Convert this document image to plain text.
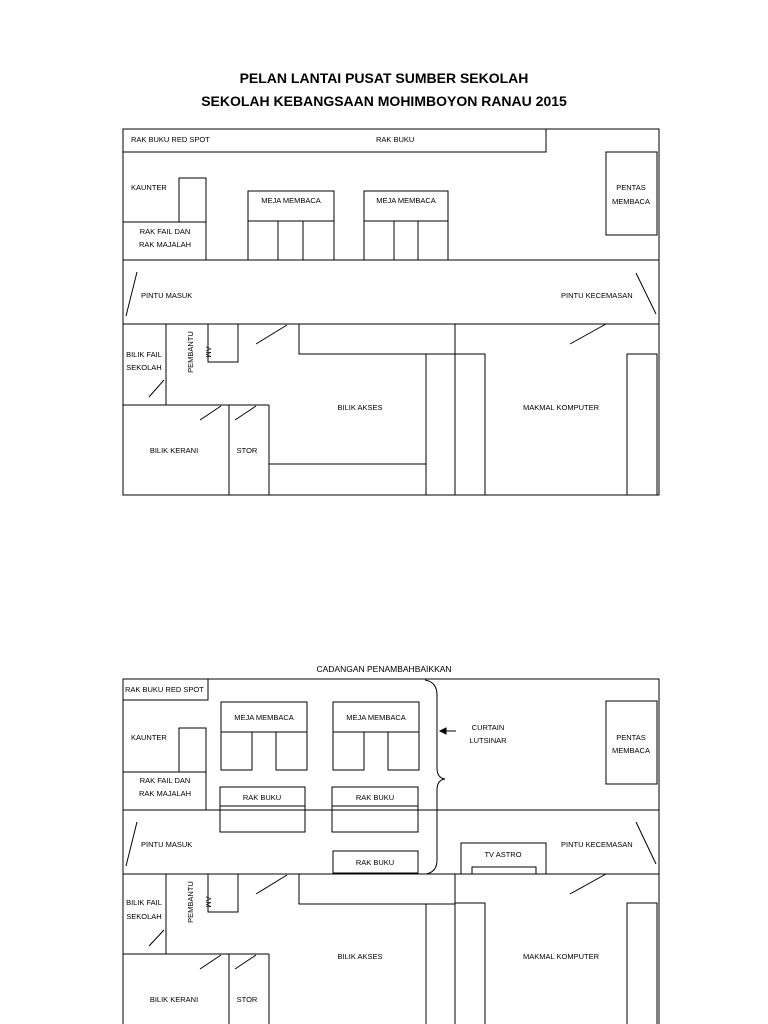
PELAN LANTAI PUSAT SUMBER SEKOLAH
SEKOLAH KEBANGSAAN MOHIMBOYON RANAU 2015
RAK BUKU RED SPOT	RAK BUKU
KAUNTER
RAK FAIL DAN
RAK MAJALAH
MEJA MEMBACA	MEJA MEMBACA
PENTAS
MEMBACA
PINTU MASUK	PINTU KECEMASAN
BILIK FAIL
SEKOLAH	PEMBANTU AM
BILIK KERANI	STOR
BILIK AKSES	MAKMAL KOMPUTER
CADANGAN PENAMBAHBAIKKAN
RAK BUKU RED SPOT
KAUNTER
RAK FAIL DAN
RAK MAJALAH
MEJA MEMBACA	MEJA MEMBACA
RAK BUKU	RAK BUKU
RAK BUKU
CURTAIN
LUTSINAR	PENTAS
MEMBACA
PINTU MASUK	PINTU KECEMASAN
TV ASTRO
BILIK FAIL
SEKOLAH	PEMBANTU AM
BILIK KERANI	STOR
BILIK AKSES	MAKMAL KOMPUTER
